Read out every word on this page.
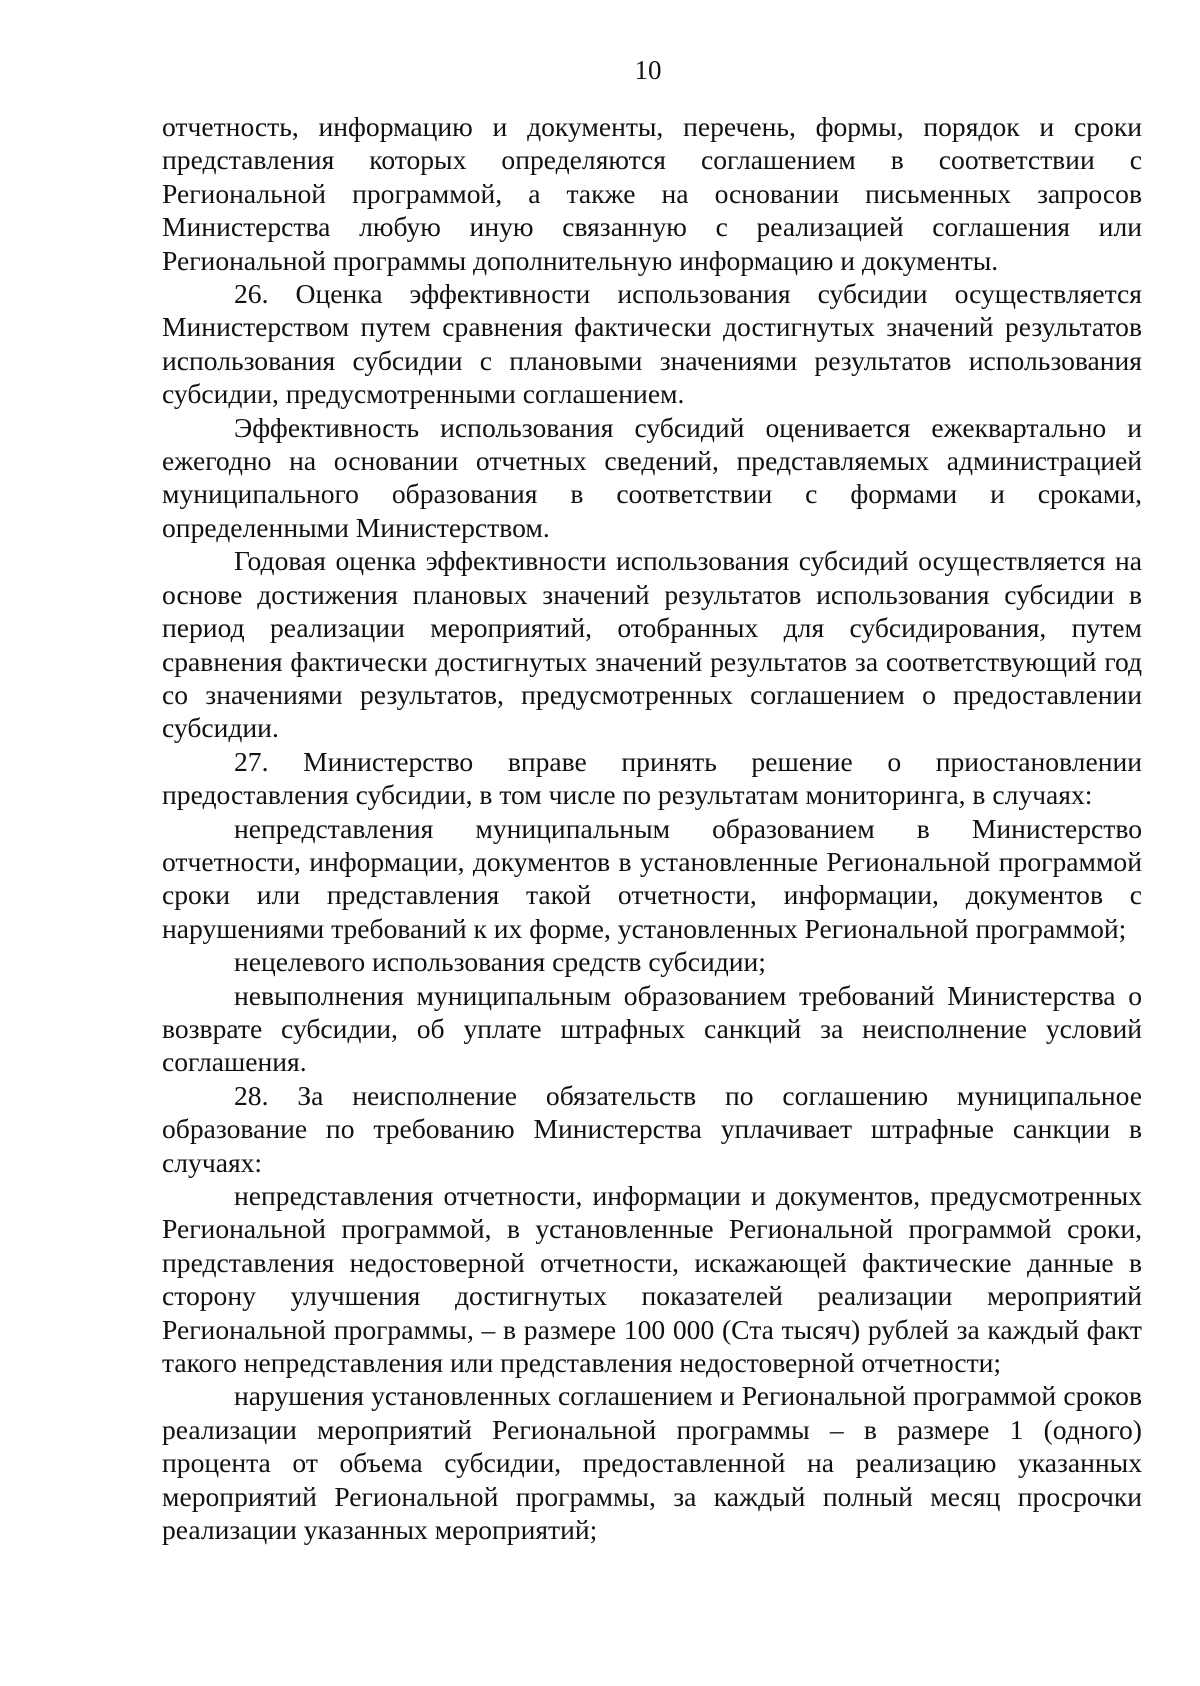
10

отчетность, информацию и документы, перечень, формы, порядок и сроки представления которых определяются соглашением в соответствии с Региональной программой, а также на основании письменных запросов Министерства любую иную связанную с реализацией соглашения или Региональной программы дополнительную информацию и документы.

26. Оценка эффективности использования субсидии осуществляется Министерством путем сравнения фактически достигнутых значений результатов использования субсидии с плановыми значениями результатов использования субсидии, предусмотренными соглашением.

Эффективность использования субсидий оценивается ежеквартально и ежегодно на основании отчетных сведений, представляемых администрацией муниципального образования в соответствии с формами и сроками, определенными Министерством.

Годовая оценка эффективности использования субсидий осуществляется на основе достижения плановых значений результатов использования субсидии в период реализации мероприятий, отобранных для субсидирования, путем сравнения фактически достигнутых значений результатов за соответствующий год со значениями результатов, предусмотренных соглашением о предоставлении субсидии.

27. Министерство вправе принять решение о приостановлении предоставления субсидии, в том числе по результатам мониторинга, в случаях:

непредставления муниципальным образованием в Министерство отчетности, информации, документов в установленные Региональной программой сроки или представления такой отчетности, информации, документов с нарушениями требований к их форме, установленных Региональной программой;

нецелевого использования средств субсидии;

невыполнения муниципальным образованием требований Министерства о возврате субсидии, об уплате штрафных санкций за неисполнение условий соглашения.

28. За неисполнение обязательств по соглашению муниципальное образование по требованию Министерства уплачивает штрафные санкции в случаях:

непредставления отчетности, информации и документов, предусмотренных Региональной программой, в установленные Региональной программой сроки, представления недостоверной отчетности, искажающей фактические данные в сторону улучшения достигнутых показателей реализации мероприятий Региональной программы, – в размере 100 000 (Ста тысяч) рублей за каждый факт такого непредставления или представления недостоверной отчетности;

нарушения установленных соглашением и Региональной программой сроков реализации мероприятий Региональной программы – в размере 1 (одного) процента от объема субсидии, предоставленной на реализацию указанных мероприятий Региональной программы, за каждый полный месяц просрочки реализации указанных мероприятий;
